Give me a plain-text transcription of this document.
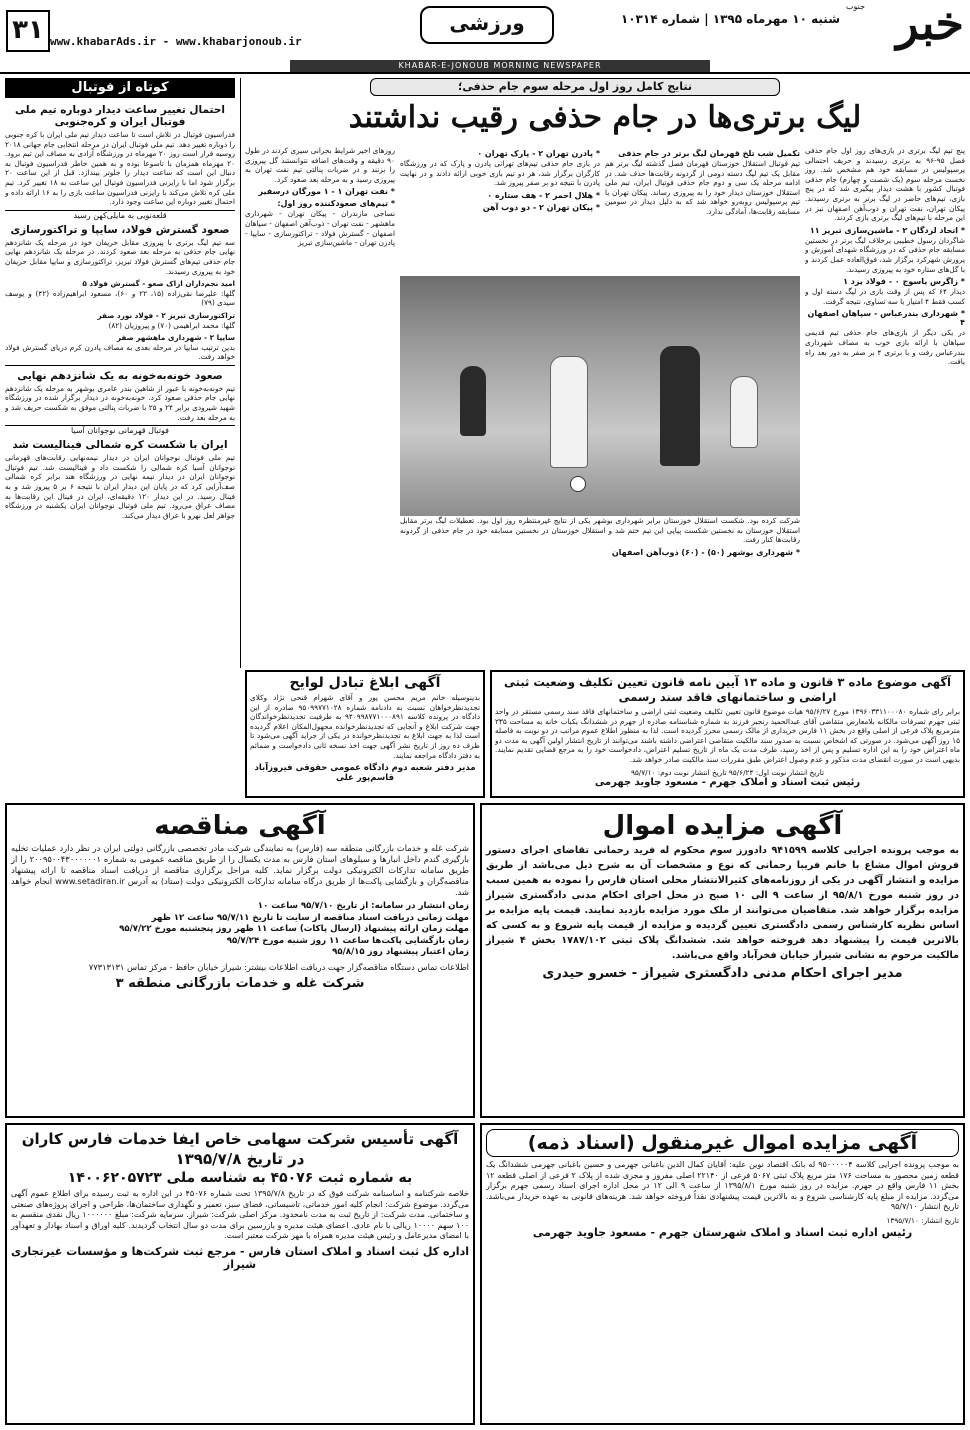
خبر
جنوب
شنبه ۱۰ مهرماه ۱۳۹۵ | شماره ۱۰۳۱۴
ورزشی
www.khabarAds.ir - www.khabarjonoub.ir
۳۱
KHABAR-E-JONOUB MORNING NEWSPAPER
کوتاه از فوتبال
احتمال تغییر ساعت دیدار دوباره تیم ملی فوتبال ایران و کره‌جنوبی

فدراسیون فوتبال در تلاش است تا ساعت دیدار تیم ملی ایران با کره جنوبی را دوباره تغییر دهد. تیم ملی فوتبال ایران در مرحله انتخابی جام جهانی ۲۰۱۸ روسیه قرار است روز ۲۰ مهرماه در ورزشگاه آزادی به مصاف این تیم برود. ۲۰ مهرماه همزمان با تاسوعا بوده و به همین خاطر فدراسیون فوتبال به دنبال این است که ساعت دیدار را جلوتر بیندازد. قبل از این ساعت ۲۰ برگزار شود اما با رایزنی فدراسیون فوتبال این ساعت به ۱۸ تغییر کرد. تیم ملی کره تلاش می‌کند با رایزنی فدراسیون ساعت بازی را به ۱۶ ارائه داده و احتمال تغییر دوباره این ساعت وجود دارد.

قلعه‌نویی به مایلی‌کهن رسید

صعود گسترش فولاد، سایپا و تراکتورسازی

سه تیم لیگ برتری با پیروزی مقابل حریفان خود در مرحله یک شانزدهم نهایی جام حذفی به مرحله بعد صعود کردند. در مرحله یک شانزدهم نهایی جام حذفی تیم‌های گسترش فولاد تبریز، تراکتورسازی و سایپا مقابل حریفان خود به پیروزی رسیدند.

امید نجم‌داران اراک صعو - گسترش فولاد ۵

گلها: علیرضا نقی‌زاده (۱۵، ۲۲ و ۶۰)، مسعود ابراهیم‌زاده (۴۲) و یوسف سیدی (۷۹)

تراکتورسازی تبریز ۲ - فولاد نورد صفر

گلها: محمد ابراهیمی (۷۰) و پیروزیان (۸۲)

سایپا ۲ - شهرداری ماهشهر صفر

بدین ترتیب سایپا در مرحله بعدی به مصاف پادرن کرم دریای گسترش فولاد خواهد رفت.

صعود خونه‌به‌خونه به یک شانزدهم نهایی

تیم خونه‌به‌خونه با عبور از شاهین بندر عامری بوشهر به مرحله یک شانزدهم نهایی جام حذفی صعود کرد. خونه‌به‌خونه در دیدار برگزار شده در ورزشگاه شهید شیرودی برابر ۲۴ و ۲۵ با ضربات پنالتی موفق به شکست حریف شد و به مرحله بعد رفت.

فوتبال قهرمانی نوجوانان آسیا

ایران با شکست کره شمالی فینالیست شد

تیم ملی فوتبال نوجوانان ایران در دیدار نیمه‌نهایی رقابت‌های قهرمانی نوجوانان آسیا کره شمالی را شکست داد و فینالیست شد. تیم فوتبال نوجوانان ایران در دیدار نیمه نهایی در ورزشگاه هند برابر کره شمالی صف‌آرایی کرد که در پایان این دیدار ایران با نتیجه ۶ بر ۵ پیروز شد و به فینال رسید. در این دیدار ۱۲۰ دقیقه‌ای، ایران در فینال این رقابت‌ها به مصاف عراق می‌رود. تیم ملی فوتبال نوجوانان ایران یکشنبه در ورزشگاه جواهر لعل نهرو با عراق دیدار می‌کند.

نتایج کامل روز اول مرحله سوم جام حذفی؛
لیگ برتری‌ها در جام حذفی رقیب نداشتند

پنج تیم لیگ برتری در بازی‌های روز اول جام حذفی فصل ۹۵-۹۶ به برتری رسیدند و حریف احتمالی پرسپولیس در مسابقه خود هم مشخص شد. روز نخست مرحله سوم (یک شصت و چهارم) جام حذفی فوتبال کشور با هشت دیدار پیگیری شد که در پنج بازی، تیم‌های حاضر در لیگ برتر به برتری رسیدند. پیکان تهران، نفت تهران و ذوب‌آهن اصفهان نیز در این مرحله با تیم‌های لیگ برتری بازی کردند.

* اتحاد لردگان ۲ - ماشین‌سازی تبریز ۱۱

شاگردان رسول خطیبی برخلاف لیگ برتر در نخستین مسابقه جام حذفی که در ورزشگاه شهدای آموزش و پرورش شهرکرد برگزار شد، فوق‌العاده عمل کردند و با گل‌های ستاره خود به پیروزی رسیدند.

* زاگرس یاسوج ۰ - فولاد یزد ۱

دیدار ۶۴ که پس از وقت بازی در لیگ دسته اول و کسب فقط ۴ امتیاز با سه تساوی، نتیجه گرفت.

* شهرداری بندرعباس - سپاهان اصفهان ۴

در یکی دیگر از بازی‌های جام حذفی تیم قدیمی سپاهان با ارائه بازی خوب به مصاف شهرداری بندرعباس رفت و با برتری ۴ بر صفر به دور بعد راه یافت.

تکمیل شب تلخ قهرمان لیگ برتر در جام حذفی

تیم فوتبال استقلال خوزستان قهرمان فصل گذشته لیگ برتر هم مقابل یک تیم لیگ دسته دومی از گردونه رقابت‌ها حذف شد. در ادامه مرحله یک سی و دوم جام حذفی فوتبال ایران، تیم ملی استقلال خوزستان دیدار خود را به پیروزی رساند. پیکان تهران با تیم پرسپولیس رو‌به‌رو خواهد شد که به دلیل دیدار در سومین مسابقه رقابت‌ها، آمادگی ندارد.

* پادرن تهران ۲ - پارک تهران ۰

در بازی جام حذفی تیم‌های تهرانی پادرن و پارک که در ورزشگاه کارگران برگزار شد، هر دو تیم بازی خوبی ارائه دادند و در نهایت پادرن با نتیجه دو بر صفر پیروز شد.

* هلال احمر ۲ - هف ستاره ۰

* پیکان تهران ۲ - دو ذوب آهن

شرکت کرده بود. شکست استقلال خوزستان برابر شهرداری بوشهر یکی از نتایج غیرمنتظره روز اول بود. تعطیلات لیگ برتر مقابل استقلال خوزستان به نخستین شکست پیاپی این تیم ختم شد و استقلال خوزستان در نخستین مسابقه خود در جام حذفی از گردونه رقابت‌ها کنار رفت.

* شهرداری بوشهر (۵۰) - (۶۰) ذوب‌آهن اصفهان

روزهای اخیر شرایط بحرانی سیری کردند در طول ۹۰ دقیقه و وقت‌های اضافه نتوانستند گل پیروزی را بزنند و در ضربات پنالتی تیم نفت تهران به پیروزی رسید و به مرحله بعد صعود کرد.

* نفت تهران ۱ - ۱ مورگان درسفیر

* تیم‌های صعودکننده روز اول:

نساجی مازندران - پیکان تهران - شهرداری ماهشهر - نفت تهران - ذوب‌آهن اصفهان - سپاهان اصفهان - گسترش فولاد - تراکتورسازی - سایپا - پادرن تهران - ماشین‌سازی تبریز

آگهی ابلاغ تبادل لوایح

بدینوسیله خانم مریم محسن پور و آقای شهرام قنحی نژاد وکلای تجدیدنظرخواهان نسبت به دادنامه شماره ۹۵۰۹۹۷۷۱۰۲۸ صادره از این دادگاه در پرونده کلاسه ۹۴۰۹۹۸۷۷۱۰۰۰۸۹۱ به طرفیت تجدیدنظرخواندگان جهت شرکت ابلاغ و آنجایی که تجدیدنظرخوانده مجهول‌المکان اعلام گردیده است لذا به جهت ابلاغ به تجدیدنظرخوانده در یکی از جراید آگهی می‌شود تا ظرف ده روز از تاریخ نشر آگهی جهت اخذ نسخه ثانی دادخواست و ضمائم به دفتر دادگاه مراجعه نمایند.

مدیر دفتر شعبه دوم دادگاه عمومی حقوقی فیروزآباد
قاسم‌پور علی
آگهی موضوع ماده ۳ قانون و ماده ۱۳ آیین نامه قانون تعیین تکلیف وضعیت ثبتی اراضی و ساختمانهای فاقد سند رسمی

برابر رای شماره ۱۳۹۶۰۳۳۱۱۰۰۰۸۰ مورخ ۹۵/۶/۲۷ هیات موضوع قانون تعیین تکلیف وضعیت ثبتی اراضی و ساختمانهای فاقد سند رسمی مستقر در واحد ثبتی جهرم تصرفات مالکانه بلامعارض متقاضی آقای عبدالحمید رنجبر فرزند به شماره شناسنامه صادره از جهرم در ششدانگ یکباب خانه به مساحت ۲۳۵ مترمربع پلاک فرعی از اصلی واقع در بخش ۱۱ فارس خریداری از مالک رسمی محرز گردیده است. لذا به منظور اطلاع عموم مراتب در دو نوبت به فاصله ۱۵ روز آگهی می‌شود. در صورتی که اشخاص نسبت به صدور سند مالکیت متقاضی اعتراضی داشته باشند می‌توانند از تاریخ انتشار اولین آگهی به مدت دو ماه اعتراض خود را به این اداره تسلیم و پس از اخذ رسید، ظرف مدت یک ماه از تاریخ تسلیم اعتراض، دادخواست خود را به مرجع قضایی تقدیم نمایند. بدیهی است در صورت انقضای مدت مذکور و عدم وصول اعتراض طبق مقررات سند مالکیت صادر خواهد شد.

تاریخ انتشار نوبت اول: ۹۵/۶/۲۴ تاریخ انتشار نوبت دوم: ۹۵/۷/۱۰

رئیس ثبت اسناد و املاک جهرم - مسعود جاوید جهرمی
آگهی مناقصه

شرکت غله و خدمات بازرگانی منطقه سه (فارس) به نمایندگی شرکت مادر تخصصی بازرگانی دولتی ایران در نظر دارد عملیات تخلیه بارگیری گندم داخل انبارها و سیلوهای استان فارس به مدت یکسال را از طریق مناقصه عمومی به شماره ۲۰۰۹۵۰۰۴۳۰۰۰۰۰۰۱ را از طریق سامانه تدارکات الکترونیکی دولت برگزار نماید. کلیه مراحل برگزاری مناقصه از دریافت اسناد مناقصه تا ارائه پیشنهاد مناقصه‌گران و بازگشایی پاکت‌ها از طریق درگاه سامانه تدارکات الکترونیکی دولت (ستاد) به آدرس www.setadiran.ir انجام خواهد شد.

زمان انتشار در سامانه: از تاریخ ۹۵/۷/۱۰ ساعت ۱۰

مهلت زمانی دریافت اسناد مناقصه از سایت تا تاریخ ۹۵/۷/۱۱ ساعت ۱۲ ظهر

مهلت زمان ارائه پیشنهاد (ارسال پاکات) ساعت ۱۱ ظهر روز پنجشنبه مورخ ۹۵/۷/۲۲

زمان بازگشایی پاکت‌ها ساعت ۱۱ روز شنبه مورخ ۹۵/۷/۲۴

زمان اعتبار پیشنهاد روز ۹۵/۸/۱۵

اطلاعات تماس دستگاه مناقصه‌گزار جهت دریافت اطلاعات بیشتر: شیراز خیابان حافظ - مرکز تماس ۷۷۳۱۳۱۳۱

شرکت غله و خدمات بازرگانی منطقه ۳
آگهی مزایده اموال

به موجب پرونده اجرایی کلاسه ۹۴۱۵۹۹ دادورز سوم محکوم له فرید رحمانی تقاضای اجرای دستور فروش اموال مشاع با خانم فریبا رحمانی که نوع و مشخصات آن به شرح ذیل می‌باشد از طریق مزایده و انتشار آگهی در یکی از روزنامه‌های کثیرالانتشار محلی استان فارس را نموده به همین سبب در روز شنبه مورخ ۹۵/۸/۱ از ساعت ۹ الی ۱۰ صبح در محل اجرای احکام مدنی دادگستری شیراز مزایده برگزار خواهد شد. متقاضیان می‌توانند از ملک مورد مزایده بازدید نمایند. قیمت پایه مزایده بر اساس نظریه کارشناس رسمی دادگستری تعیین گردیده و مزایده از قیمت پایه شروع و به کسی که بالاترین قیمت را پیشنهاد دهد فروخته خواهد شد. ششدانگ پلاک ثبتی ۱۷۸۷/۱۰۲ بخش ۴ شیراز مالکیت مرحوم به نشانی شیراز خیابان فخرآباد واقع می‌باشد.

مدیر اجرای احکام مدنی دادگستری شیراز - خسرو حیدری
آگهی تأسیس شرکت سهامی خاص ایفا خدمات فارس کاران در تاریخ ۱۳۹۵/۷/۸
به شماره ثبت ۴۵۰۷۶ به شناسه ملی ۱۴۰۰۶۲۰۵۷۲۳

خلاصه شرکتنامه و اساسنامه شرکت فوق که در تاریخ ۱۳۹۵/۷/۸ تحت شماره ۴۵۰۷۶ در این اداره به ثبت رسیده برای اطلاع عموم آگهی می‌گردد. موضوع شرکت: انجام کلیه امور خدماتی، تاسیساتی، فضای سبز، تعمیر و نگهداری ساختمان‌ها، طراحی و اجرای پروژه‌های صنعتی و ساختمانی. مدت شرکت: از تاریخ ثبت به مدت نامحدود. مرکز اصلی شرکت: شیراز. سرمایه شرکت: مبلغ ۱۰۰۰۰۰۰ ریال نقدی منقسم به ۱۰۰ سهم ۱۰۰۰۰ ریالی با نام عادی. اعضای هیئت مدیره و بازرسین برای مدت دو سال انتخاب گردیدند. کلیه اوراق و اسناد بهادار و تعهدآور با امضای مدیرعامل و رئیس هیئت مدیره همراه با مهر شرکت معتبر است.

اداره کل ثبت اسناد و املاک استان فارس - مرجع ثبت شرکت‌ها و مؤسسات غیرتجاری شیراز
آگهی مزایده اموال غیرمنقول (اسناد ذمه)

به موجب پرونده اجرایی کلاسه ۹۵۰۰۰۰۰۴ له بانک اقتصاد نوین علیه: آقایان کمال الدین باغبانی جهرمی و حسین باغبانی جهرمی ششدانگ یک قطعه زمین محصور به مساحت ۱۷۶ متر مربع پلاک ثبتی ۵۰۶۷ فرعی از ۲۲۱۴۰ اصلی مفروز و مجزی شده از پلاک ۲ فرعی از اصلی قطعه ۱۲ بخش ۱۱ فارس واقع در جهرم. مزایده در روز شنبه مورخ ۱۳۹۵/۸/۱ از ساعت ۹ الی ۱۲ در محل اداره اجرای اسناد رسمی جهرم برگزار می‌گردد. مزایده از مبلغ پایه کارشناسی شروع و به بالاترین قیمت پیشنهادی نقداً فروخته خواهد شد. هزینه‌های قانونی به عهده خریدار می‌باشد. تاریخ انتشار ۹۵/۷/۱۰

تاریخ انتشار: ۱۳۹۵/۷/۱۰

رئیس اداره ثبت اسناد و املاک شهرستان جهرم - مسعود جاوید جهرمی
